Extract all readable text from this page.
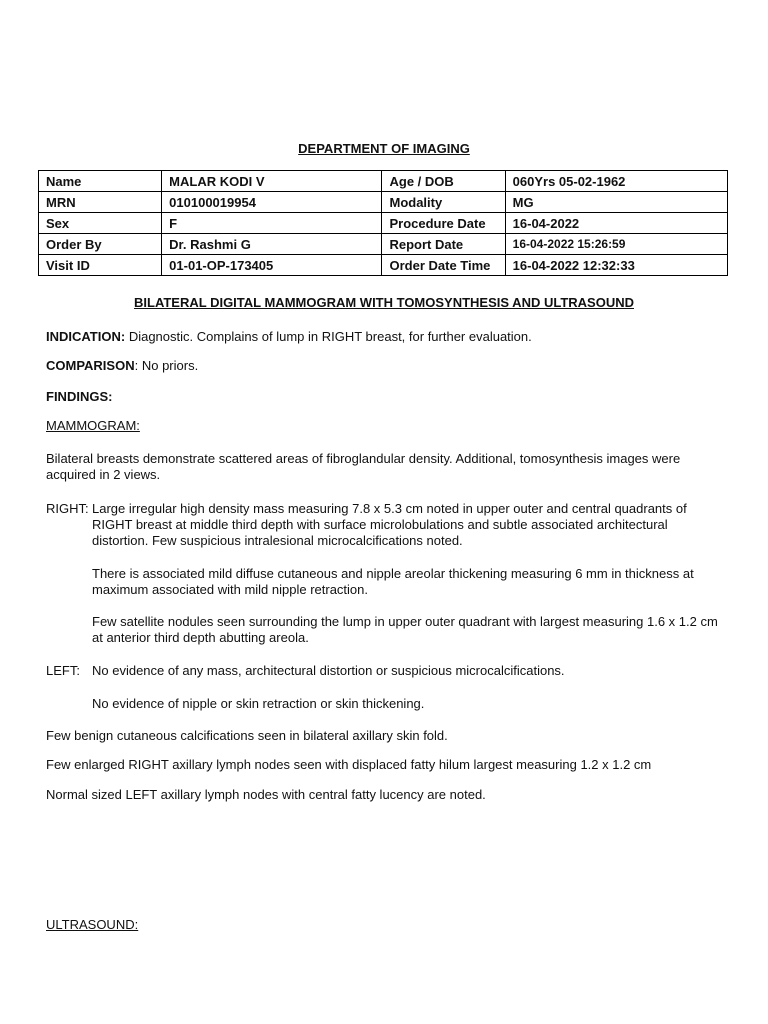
DEPARTMENT OF IMAGING
Name	MALAR KODI V	Age / DOB	060Yrs 05-02-1962
MRN	010100019954	Modality	MG
Sex	F	Procedure Date	16-04-2022
Order By	Dr. Rashmi G	Report Date	16-04-2022 15:26:59
Visit ID	01-01-OP-173405	Order Date Time	16-04-2022 12:32:33
BILATERAL DIGITAL MAMMOGRAM WITH TOMOSYNTHESIS AND ULTRASOUND
INDICATION: Diagnostic. Complains of lump in RIGHT breast, for further evaluation.
COMPARISON: No priors.
FINDINGS:
MAMMOGRAM:
Bilateral breasts demonstrate scattered areas of fibroglandular density. Additional, tomosynthesis images were acquired in 2 views.
RIGHT: Large irregular high density mass measuring 7.8 x 5.3 cm noted in upper outer and central quadrants of RIGHT breast at middle third depth with surface microlobulations and subtle associated architectural distortion. Few suspicious intralesional microcalcifications noted.
There is associated mild diffuse cutaneous and nipple areolar thickening measuring 6 mm in thickness at maximum associated with mild nipple retraction.
Few satellite nodules seen surrounding the lump in upper outer quadrant with largest measuring 1.6 x 1.2 cm at anterior third depth abutting areola.
LEFT: No evidence of any mass, architectural distortion or suspicious microcalcifications.
No evidence of nipple or skin retraction or skin thickening.
Few benign cutaneous calcifications seen in bilateral axillary skin fold.
Few enlarged RIGHT axillary lymph nodes seen with displaced fatty hilum largest measuring 1.2 x 1.2 cm
Normal sized LEFT axillary lymph nodes with central fatty lucency are noted.
ULTRASOUND:
